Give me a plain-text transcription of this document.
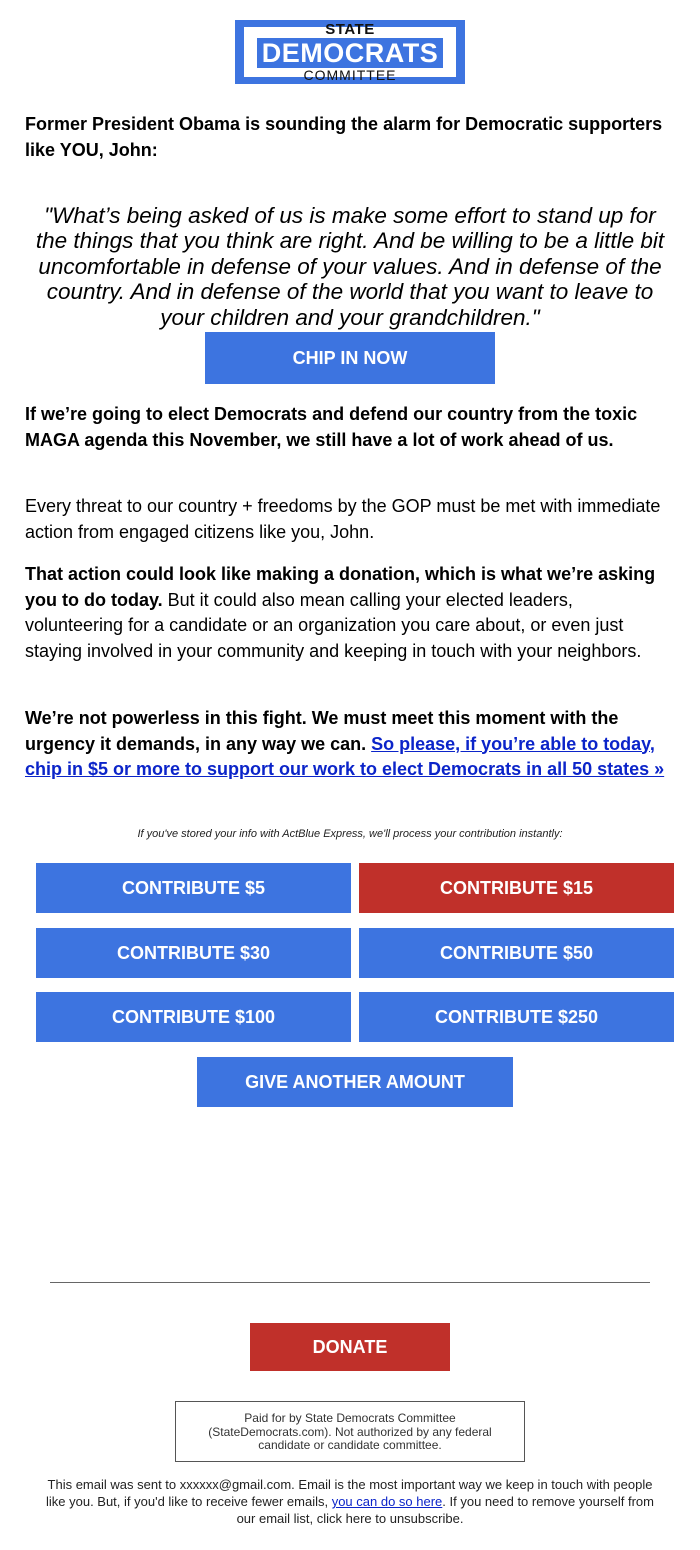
STATE
DEMOCRATS
COMMITTEE

Former President Obama is sounding the alarm for Democratic supporters like YOU, John:

"What’s being asked of us is make some effort to stand up for the things that you think are right. And be willing to be a little bit uncomfortable in defense of your values. And in defense of the country. And in defense of the world that you want to leave to your children and your grandchildren."

CHIP IN NOW

If we’re going to elect Democrats and defend our country from the toxic MAGA agenda this November, we still have a lot of work ahead of us.

Every threat to our country + freedoms by the GOP must be met with immediate action from engaged citizens like you, John.

That action could look like making a donation, which is what we’re asking you to do today. But it could also mean calling your elected leaders, volunteering for a candidate or an organization you care about, or even just staying involved in your community and keeping in touch with your neighbors.

We’re not powerless in this fight. We must meet this moment with the urgency it demands, in any way we can. So please, if you’re able to today, chip in $5 or more to support our work to elect Democrats in all 50 states »

If you've stored your info with ActBlue Express, we'll process your contribution instantly:
CONTRIBUTE $5	CONTRIBUTE $15
CONTRIBUTE $30	CONTRIBUTE $50
CONTRIBUTE $100	CONTRIBUTE $250
GIVE ANOTHER AMOUNT
DONATE
Paid for by State Democrats Committee (StateDemocrats.com). Not authorized by any federal candidate or candidate committee.
This email was sent to xxxxxx@gmail.com. Email is the most important way we keep in touch with people like you. But, if you'd like to receive fewer emails, you can do so here. If you need to remove yourself from our email list, click here to unsubscribe.
